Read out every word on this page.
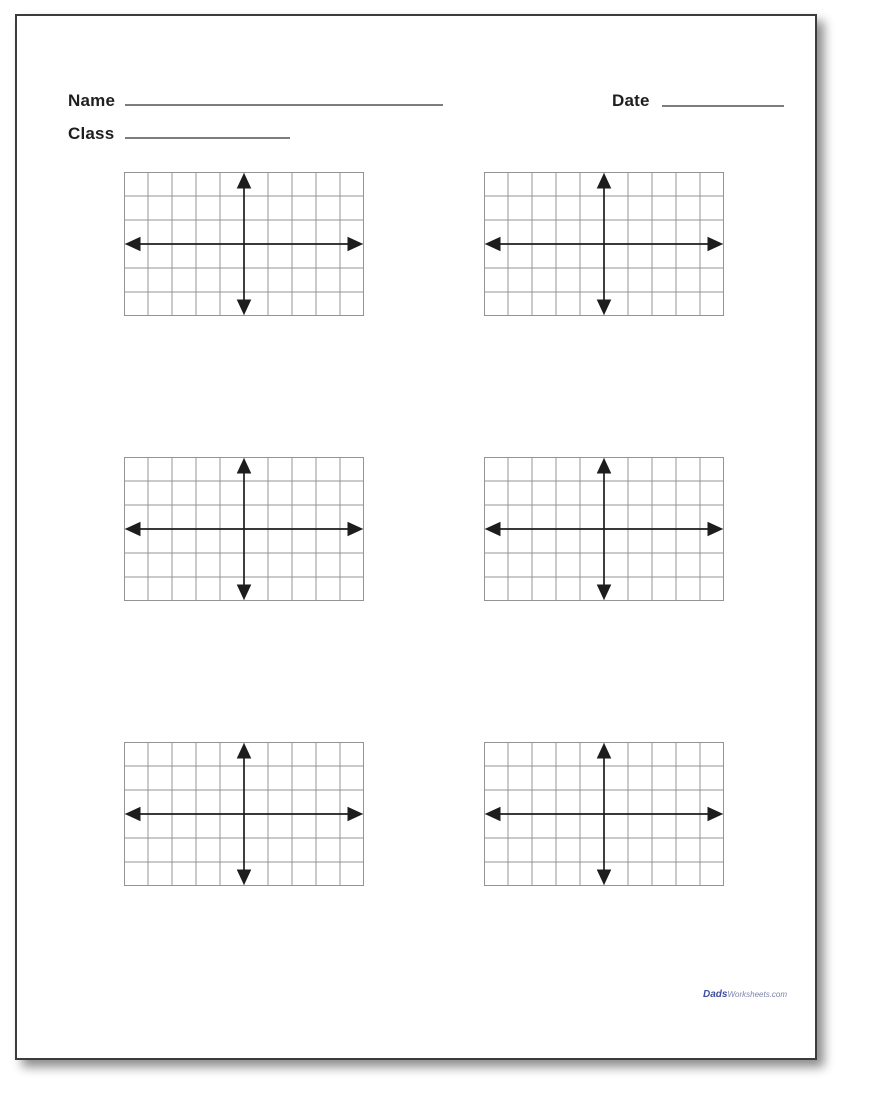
Name	Date
Class
DadsWorksheets.com
